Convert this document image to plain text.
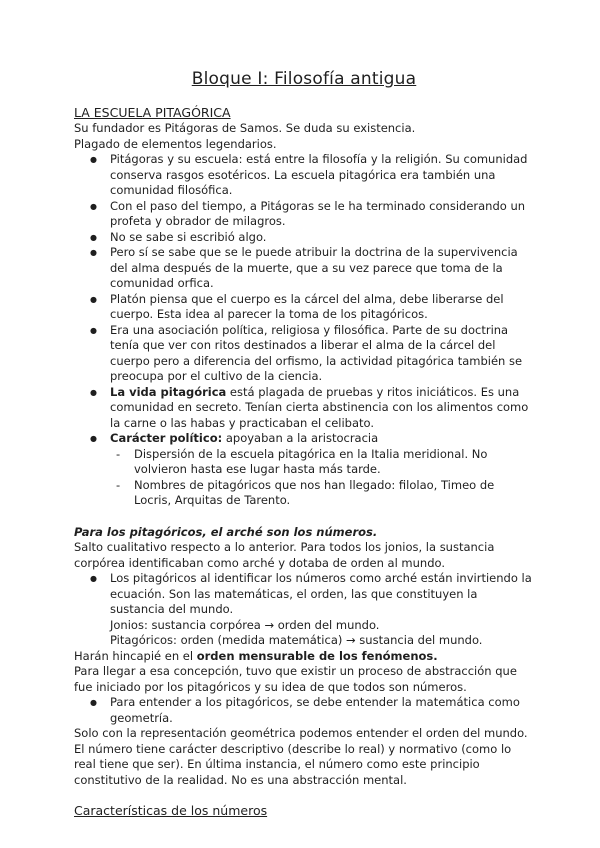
Bloque I: Filosofía antigua
LA ESCUELA PITAGÓRICA

Su fundador es Pitágoras de Samos. Se duda su existencia.

Plagado de elementos legendarios.

● Pitágoras y su escuela: está entre la filosofía y la religión. Su comunidad conserva rasgos esotéricos. La escuela pitagórica era también una comunidad filosófica.
● Con el paso del tiempo, a Pitágoras se le ha terminado considerando un profeta y obrador de milagros.
● No se sabe si escribió algo.
● Pero sí se sabe que se le puede atribuir la doctrina de la supervivencia del alma después de la muerte, que a su vez parece que toma de la comunidad orfica.
● Platón piensa que el cuerpo es la cárcel del alma, debe liberarse del cuerpo. Esta idea al parecer la toma de los pitagóricos.
● Era una asociación política, religiosa y filosófica. Parte de su doctrina tenía que ver con ritos destinados a liberar el alma de la cárcel del cuerpo pero a diferencia del orfismo, la actividad pitagórica también se preocupa por el cultivo de la ciencia.
● La vida pitagórica está plagada de pruebas y ritos iniciáticos. Es una comunidad en secreto. Tenían cierta abstinencia con los alimentos como la carne o las habas y practicaban el celibato.
● Carácter político: apoyaban a la aristocracia
- Dispersión de la escuela pitagórica en la Italia meridional. No volvieron hasta ese lugar hasta más tarde.
- Nombres de pitagóricos que nos han llegado: filolao, Timeo de Locris, Arquitas de Tarento.

Para los pitagóricos, el arché son los números.

Salto cualitativo respecto a lo anterior. Para todos los jonios, la sustancia corpórea identificaban como arché y dotaba de orden al mundo.

● Los pitagóricos al identificar los números como arché están invirtiendo la ecuación. Son las matemáticas, el orden, las que constituyen la sustancia del mundo.

Jonios: sustancia corpórea → orden del mundo.

Pitagóricos: orden (medida matemática) → sustancia del mundo.

Harán hincapié en el orden mensurable de los fenómenos.

Para llegar a esa concepción, tuvo que existir un proceso de abstracción que fue iniciado por los pitagóricos y su idea de que todos son números.

● Para entender a los pitagóricos, se debe entender la matemática como geometría.

Solo con la representación geométrica podemos entender el orden del mundo. El número tiene carácter descriptivo (describe lo real) y normativo (como lo real tiene que ser). En última instancia, el número como este principio constitutivo de la realidad. No es una abstracción mental.

Características de los números
